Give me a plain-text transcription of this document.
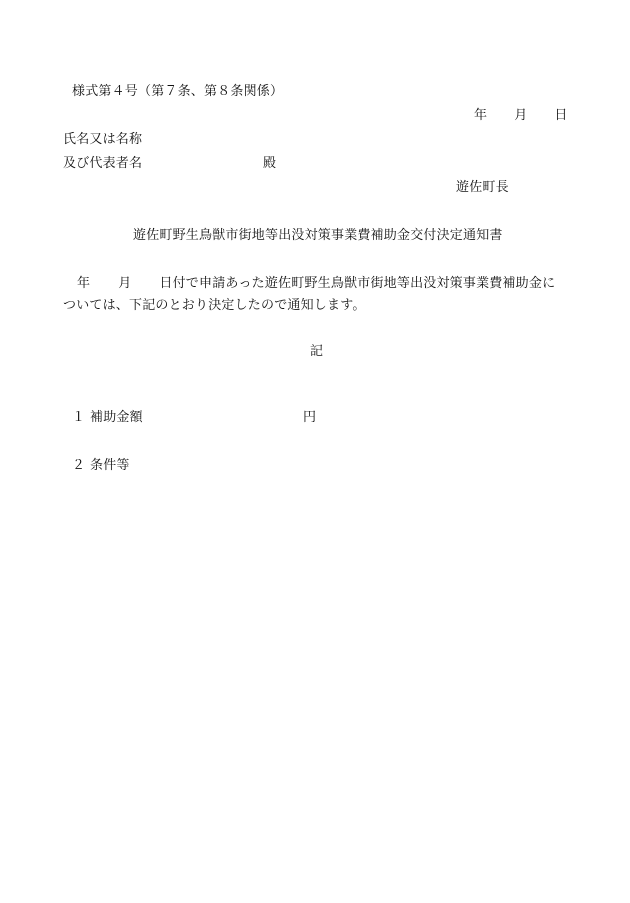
様式第４号（第７条、第８条関係）
年 月 日
氏名又は名称
及び代表者名	殿
遊佐町長
遊佐町野生鳥獣市街地等出没対策事業費補助金交付決定通知書
年 月 日付で申請あった遊佐町野生鳥獣市街地等出没対策事業費補助金に
ついては、下記のとおり決定したので通知します。
記
１ 補助金額	円
２ 条件等
